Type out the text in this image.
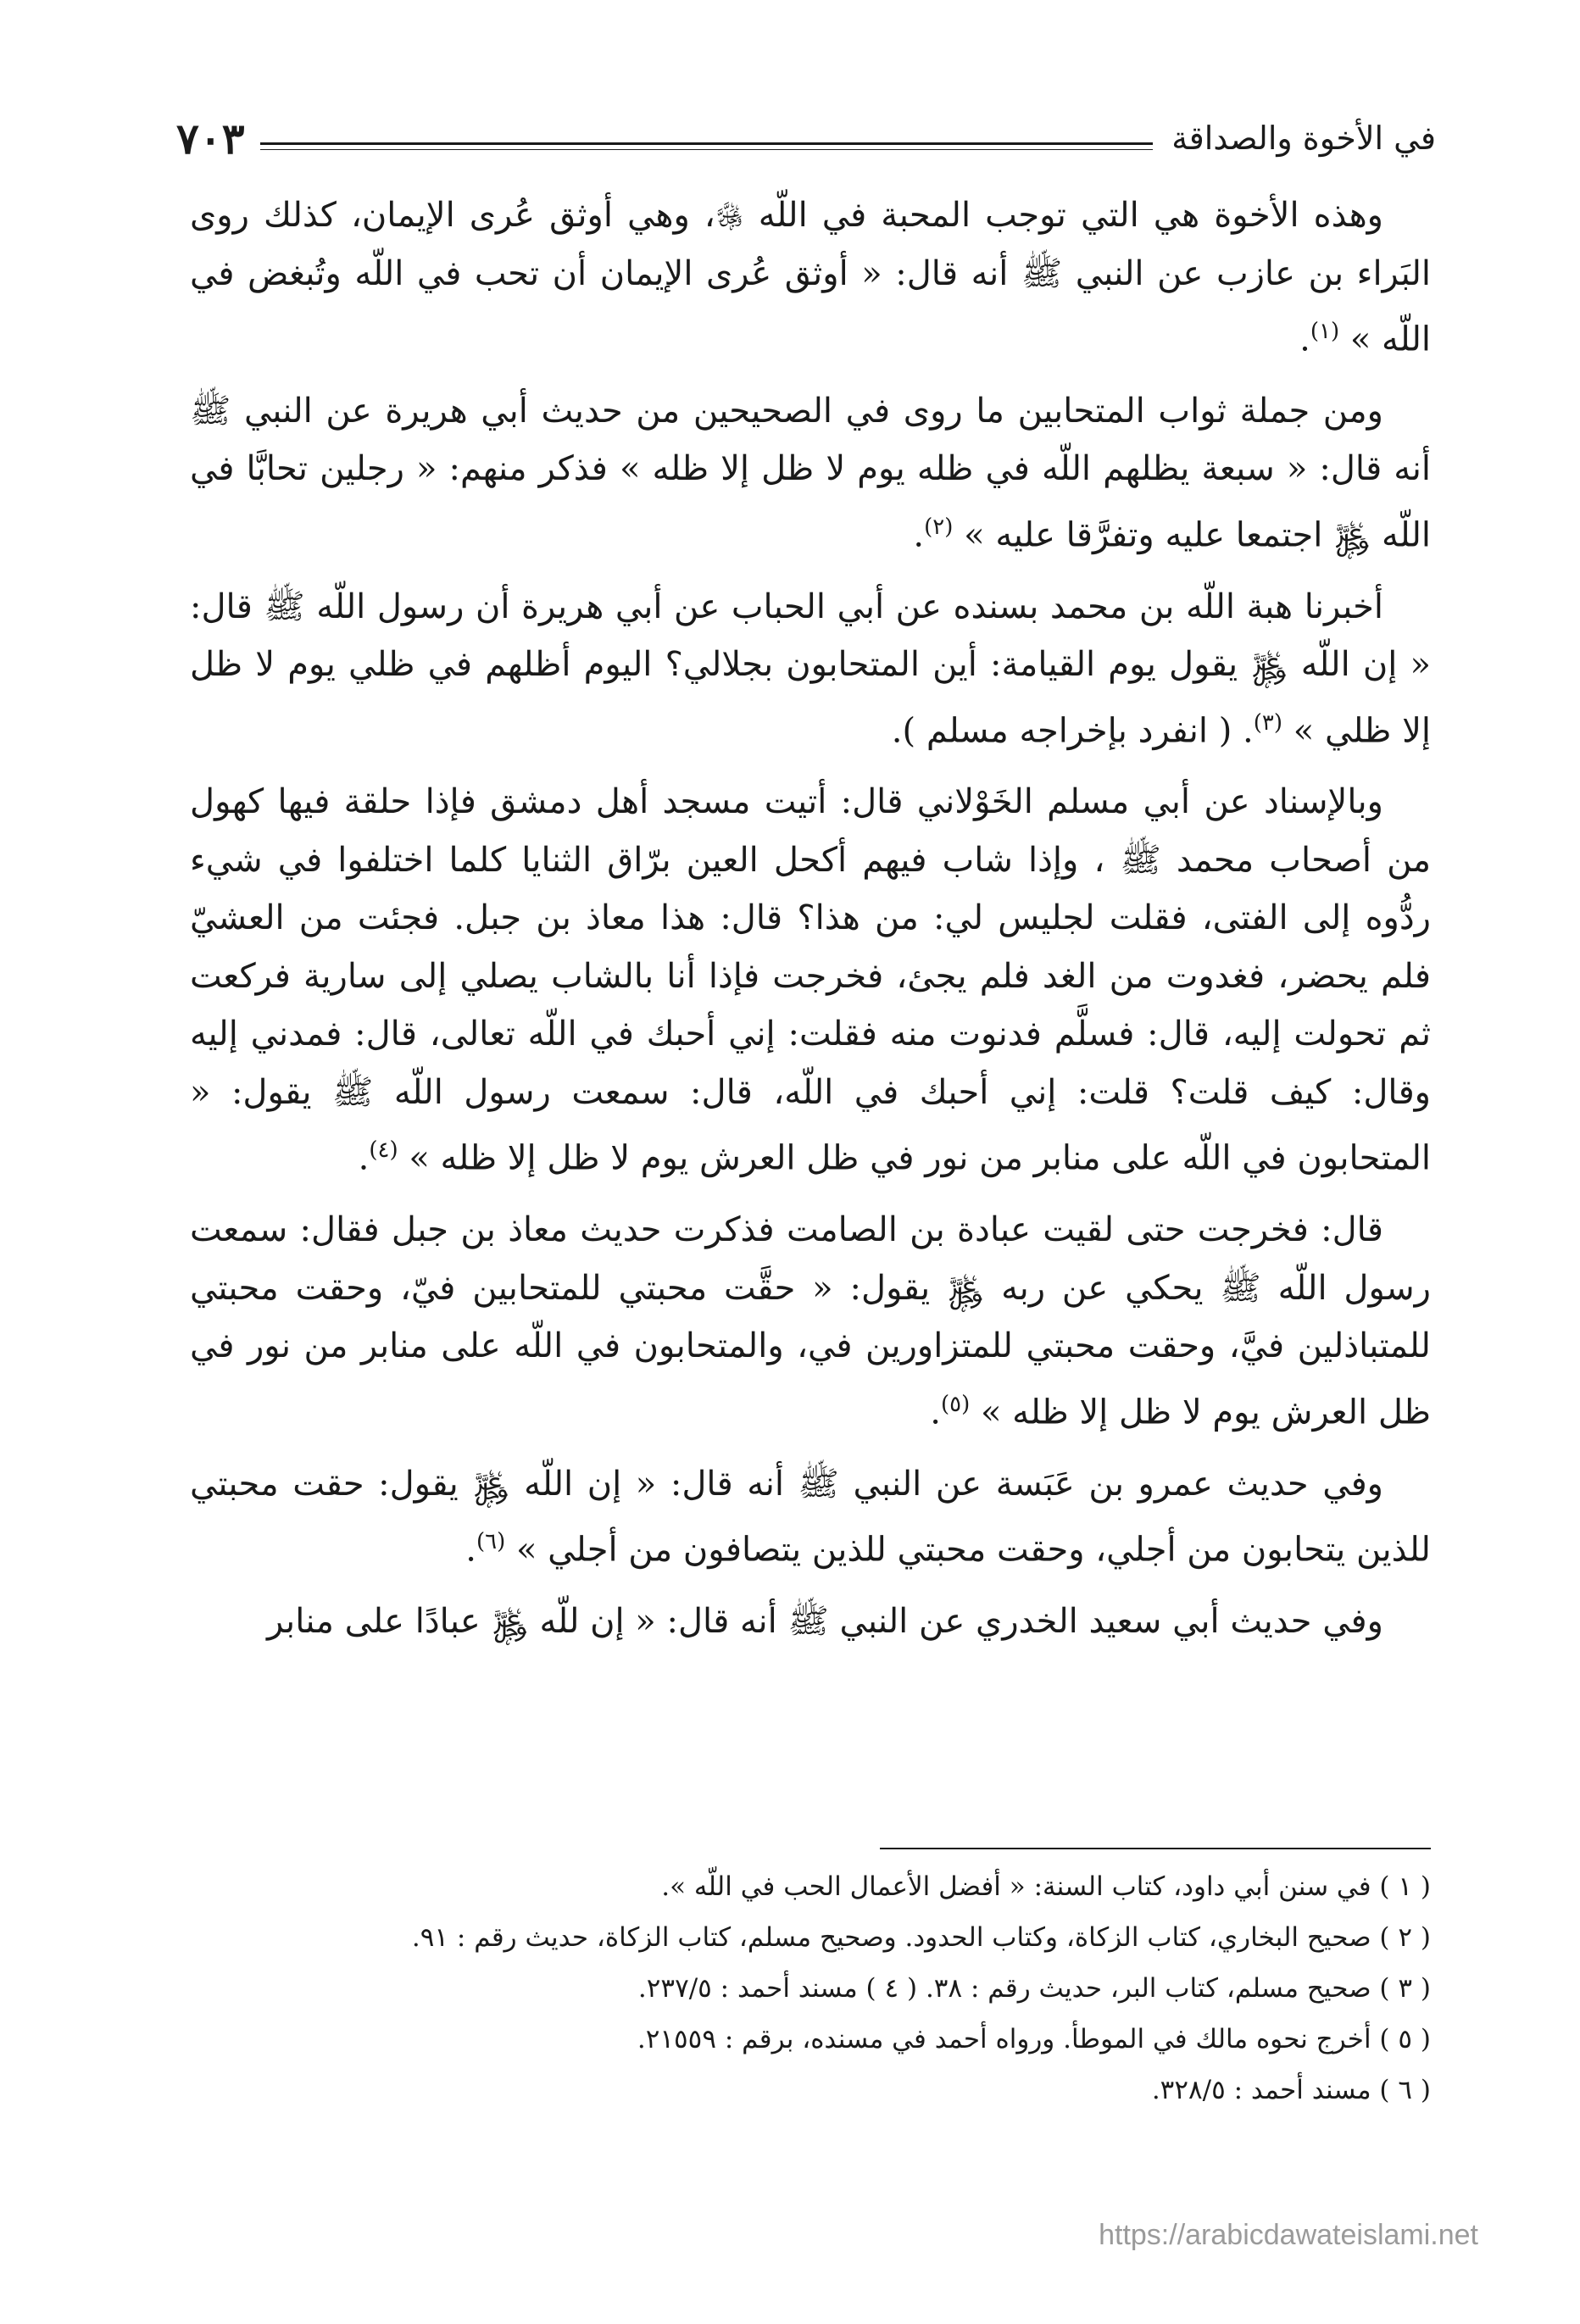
في الأخوة والصداقة
٧٠٣

وهذه الأخوة هي التي توجب المحبة في اللّه ﷿، وهي أوثق عُرى الإيمان، كذلك روى البَراء بن عازب عن النبي ﷺ أنه قال: « أوثق عُرى الإيمان أن تحب في اللّه وتُبغض في اللّه » $^{(١)}$.

ومن جملة ثواب المتحابين ما روى في الصحيحين من حديث أبي هريرة عن النبي ﷺ أنه قال: « سبعة يظلهم اللّه في ظله يوم لا ظل إلا ظله » فذكر منهم: « رجلين تحابَّا في اللّه ﷿ اجتمعا عليه وتفرَّقا عليه » $^{(٢)}$.

أخبرنا هبة اللّه بن محمد بسنده عن أبي الحباب عن أبي هريرة أن رسول اللّه ﷺ قال: « إن اللّه ﷿ يقول يوم القيامة: أين المتحابون بجلالي؟ اليوم أظلهم في ظلي يوم لا ظل إلا ظلي » $^{(٣)}$. ( انفرد بإخراجه مسلم ).

وبالإسناد عن أبي مسلم الخَوْلاني قال: أتيت مسجد أهل دمشق فإذا حلقة فيها كهول من أصحاب محمد ﷺ ، وإذا شاب فيهم أكحل العين برّاق الثنايا كلما اختلفوا في شيء ردُّوه إلى الفتى، فقلت لجليس لي: من هذا؟ قال: هذا معاذ بن جبل. فجئت من العشيّ فلم يحضر، فغدوت من الغد فلم يجئ، فخرجت فإذا أنا بالشاب يصلي إلى سارية فركعت ثم تحولت إليه، قال: فسلَّم فدنوت منه فقلت: إني أحبك في اللّه تعالى، قال: فمدني إليه وقال: كيف قلت؟ قلت: إني أحبك في اللّه، قال: سمعت رسول اللّه ﷺ يقول: « المتحابون في اللّه على منابر من نور في ظل العرش يوم لا ظل إلا ظله » $^{(٤)}$.

قال: فخرجت حتى لقيت عبادة بن الصامت فذكرت حديث معاذ بن جبل فقال: سمعت رسول اللّه ﷺ يحكي عن ربه ﷿ يقول: « حقَّت محبتي للمتحابين فيّ، وحقت محبتي للمتباذلين فيَّ، وحقت محبتي للمتزاورين في، والمتحابون في اللّه على منابر من نور في ظل العرش يوم لا ظل إلا ظله » $^{(٥)}$.

وفي حديث عمرو بن عَبَسة عن النبي ﷺ أنه قال: « إن اللّه ﷿ يقول: حقت محبتي للذين يتحابون من أجلي، وحقت محبتي للذين يتصافون من أجلي » $^{(٦)}$.

وفي حديث أبي سعيد الخدري عن النبي ﷺ أنه قال: « إن للّه ﷿ عبادًا على منابر

( ١ ) في سنن أبي داود، كتاب السنة: « أفضل الأعمال الحب في اللّه ».
( ٢ ) صحيح البخاري، كتاب الزكاة، وكتاب الحدود. وصحيح مسلم، كتاب الزكاة، حديث رقم : ٩١.
( ٣ ) صحيح مسلم، كتاب البر، حديث رقم : ٣٨. ( ٤ ) مسند أحمد : ٢٣٧/٥.
( ٥ ) أخرج نحوه مالك في الموطأ. ورواه أحمد في مسنده، برقم : ٢١٥٥٩.
( ٦ ) مسند أحمد : ٣٢٨/٥.
https://arabicdawateislami.net
